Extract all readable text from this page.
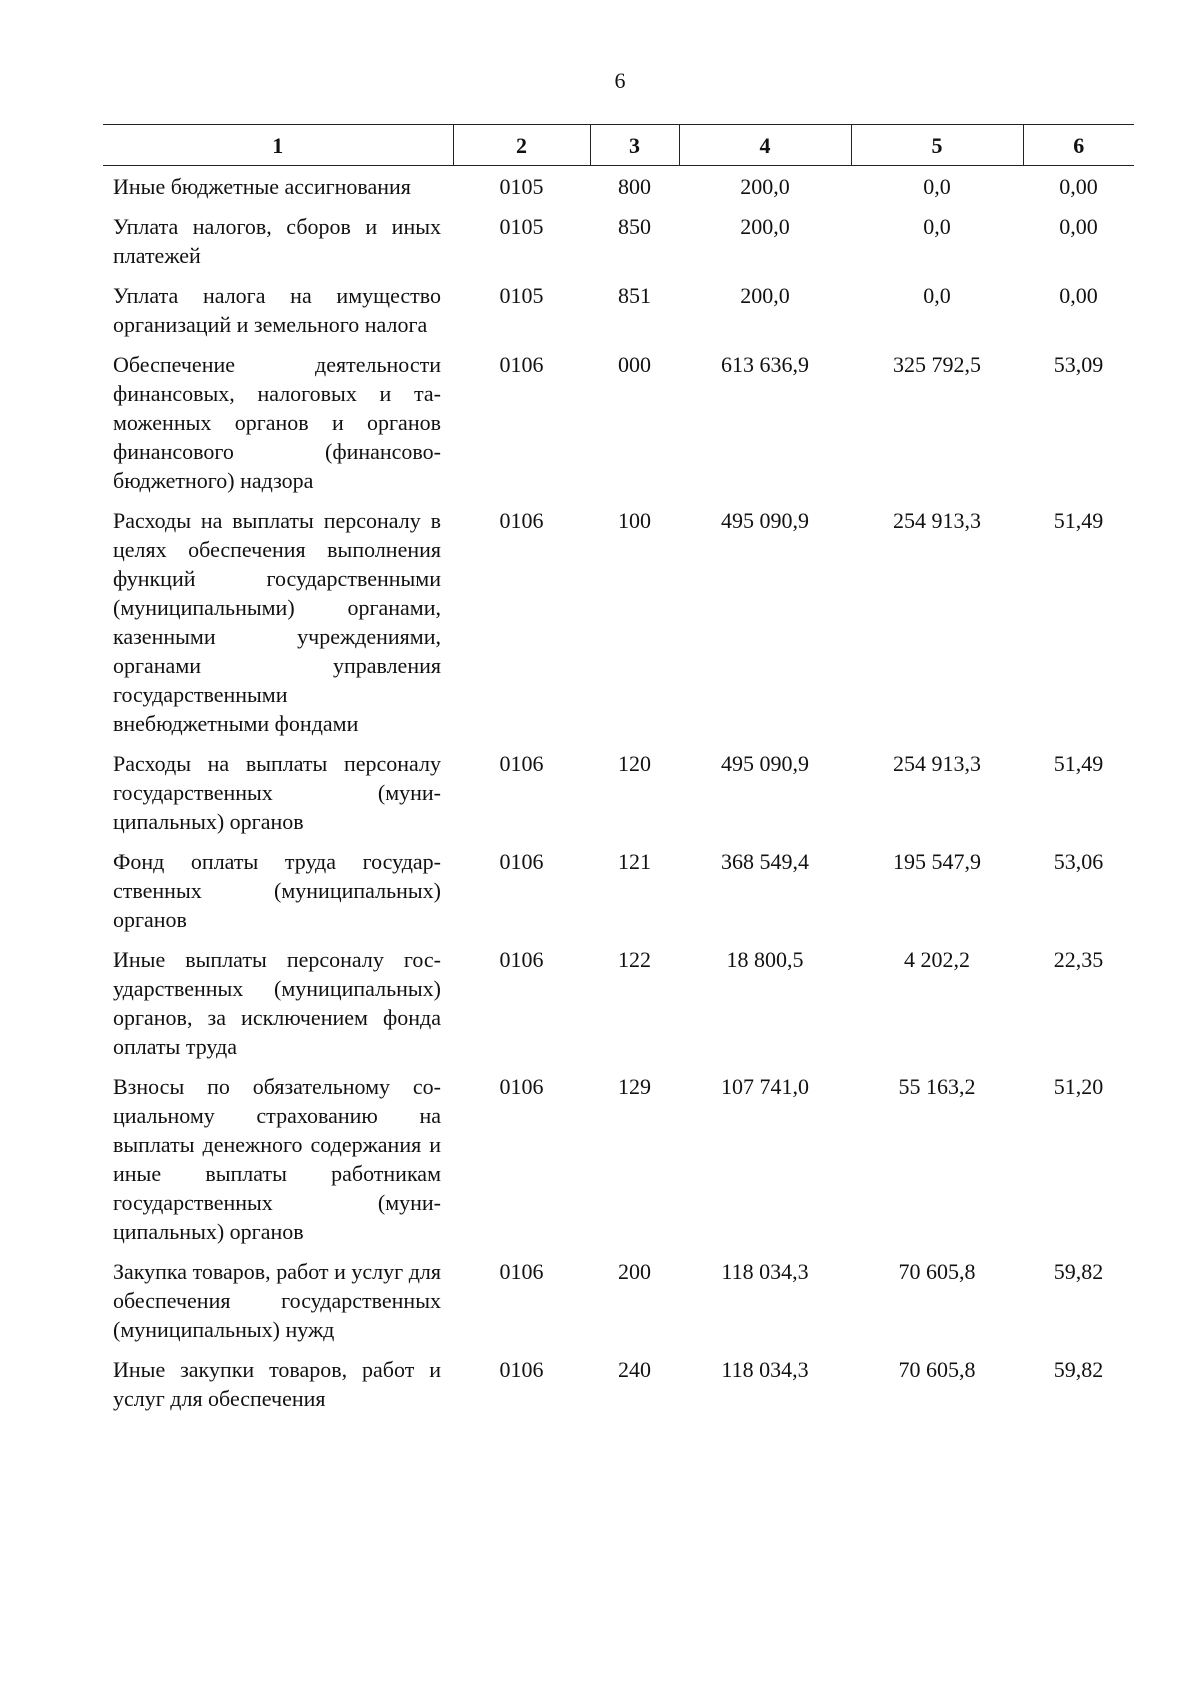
6
1	2	3	4	5	6
Иные бюджетные ассигнования	0105	800	200,0	0,0	0,00
Уплата налогов, сборов и иных платежей	0105	850	200,0	0,0	0,00
Уплата налога на имущество организаций и земельного налога	0105	851	200,0	0,0	0,00
Обеспечение деятельности финансовых, налоговых и таможенных органов и органов финансового (финансово-бюджетного) надзора	0106	000	613 636,9	325 792,5	53,09
Расходы на выплаты персоналу в целях обеспечения выполнения функций государственными (муниципальными) органами, казенными учреждениями, органами управления государственными внебюджетными фондами	0106	100	495 090,9	254 913,3	51,49
Расходы на выплаты персоналу государственных (муниципальных) органов	0106	120	495 090,9	254 913,3	51,49
Фонд оплаты труда государственных (муниципальных) органов	0106	121	368 549,4	195 547,9	53,06
Иные выплаты персоналу государственных (муниципальных) органов, за исключением фонда оплаты труда	0106	122	18 800,5	4 202,2	22,35
Взносы по обязательному социальному страхованию на выплаты денежного содержания и иные выплаты работникам государственных (муниципальных) органов	0106	129	107 741,0	55 163,2	51,20
Закупка товаров, работ и услуг для обеспечения государственных (муниципальных) нужд	0106	200	118 034,3	70 605,8	59,82
Иные закупки товаров, работ и услуг для обеспечения	0106	240	118 034,3	70 605,8	59,82
